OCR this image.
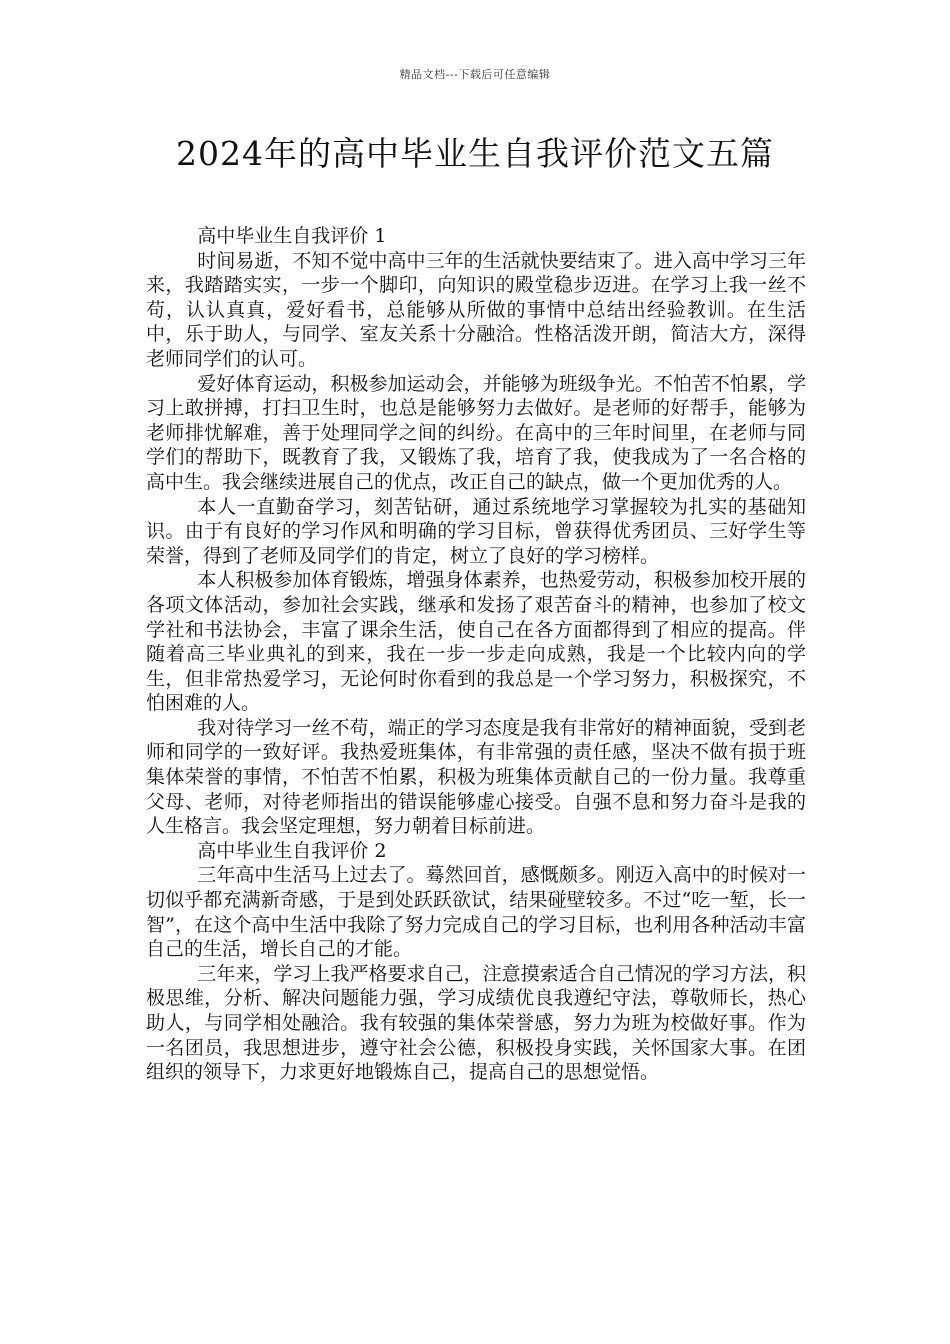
精品文档---下载后可任意编辑
2024年的高中毕业生自我评价范文五篇

高中毕业生自我评价 1

时间易逝，不知不觉中高中三年的生活就快要结束了。进入高中学习三年来，我踏踏实实，一步一个脚印，向知识的殿堂稳步迈进。在学习上我一丝不苟，认认真真，爱好看书，总能够从所做的事情中总结出经验教训。在生活中，乐于助人，与同学、室友关系十分融洽。性格活泼开朗，简洁大方，深得老师同学们的认可。

爱好体育运动，积极参加运动会，并能够为班级争光。不怕苦不怕累，学习上敢拼搏，打扫卫生时，也总是能够努力去做好。是老师的好帮手，能够为老师排忧解难，善于处理同学之间的纠纷。在高中的三年时间里，在老师与同学们的帮助下，既教育了我，又锻炼了我，培育了我，使我成为了一名合格的高中生。我会继续进展自己的优点，改正自己的缺点，做一个更加优秀的人。

本人一直勤奋学习，刻苦钻研，通过系统地学习掌握较为扎实的基础知识。由于有良好的学习作风和明确的学习目标，曾获得优秀团员、三好学生等荣誉，得到了老师及同学们的肯定，树立了良好的学习榜样。

本人积极参加体育锻炼，增强身体素养，也热爱劳动，积极参加校开展的各项文体活动，参加社会实践，继承和发扬了艰苦奋斗的精神，也参加了校文学社和书法协会，丰富了课余生活，使自己在各方面都得到了相应的提高。伴随着高三毕业典礼的到来，我在一步一步走向成熟，我是一个比较内向的学生，但非常热爱学习，无论何时你看到的我总是一个学习努力，积极探究，不怕困难的人。

我对待学习一丝不苟，端正的学习态度是我有非常好的精神面貌，受到老师和同学的一致好评。我热爱班集体，有非常强的责任感，坚决不做有损于班集体荣誉的事情，不怕苦不怕累，积极为班集体贡献自己的一份力量。我尊重父母、老师，对待老师指出的错误能够虚心接受。自强不息和努力奋斗是我的人生格言。我会坚定理想，努力朝着目标前进。

高中毕业生自我评价 2

三年高中生活马上过去了。蓦然回首，感慨颇多。刚迈入高中的时候对一切似乎都充满新奇感，于是到处跃跃欲试，结果碰壁较多。不过“吃一堑，长一智”，在这个高中生活中我除了努力完成自己的学习目标，也利用各种活动丰富自己的生活，增长自己的才能。

三年来，学习上我严格要求自己，注意摸索适合自己情况的学习方法，积极思维，分析、解决问题能力强，学习成绩优良我遵纪守法，尊敬师长，热心助人，与同学相处融洽。我有较强的集体荣誉感，努力为班为校做好事。作为一名团员，我思想进步，遵守社会公德，积极投身实践，关怀国家大事。在团组织的领导下，力求更好地锻炼自己，提高自己的思想觉悟。
